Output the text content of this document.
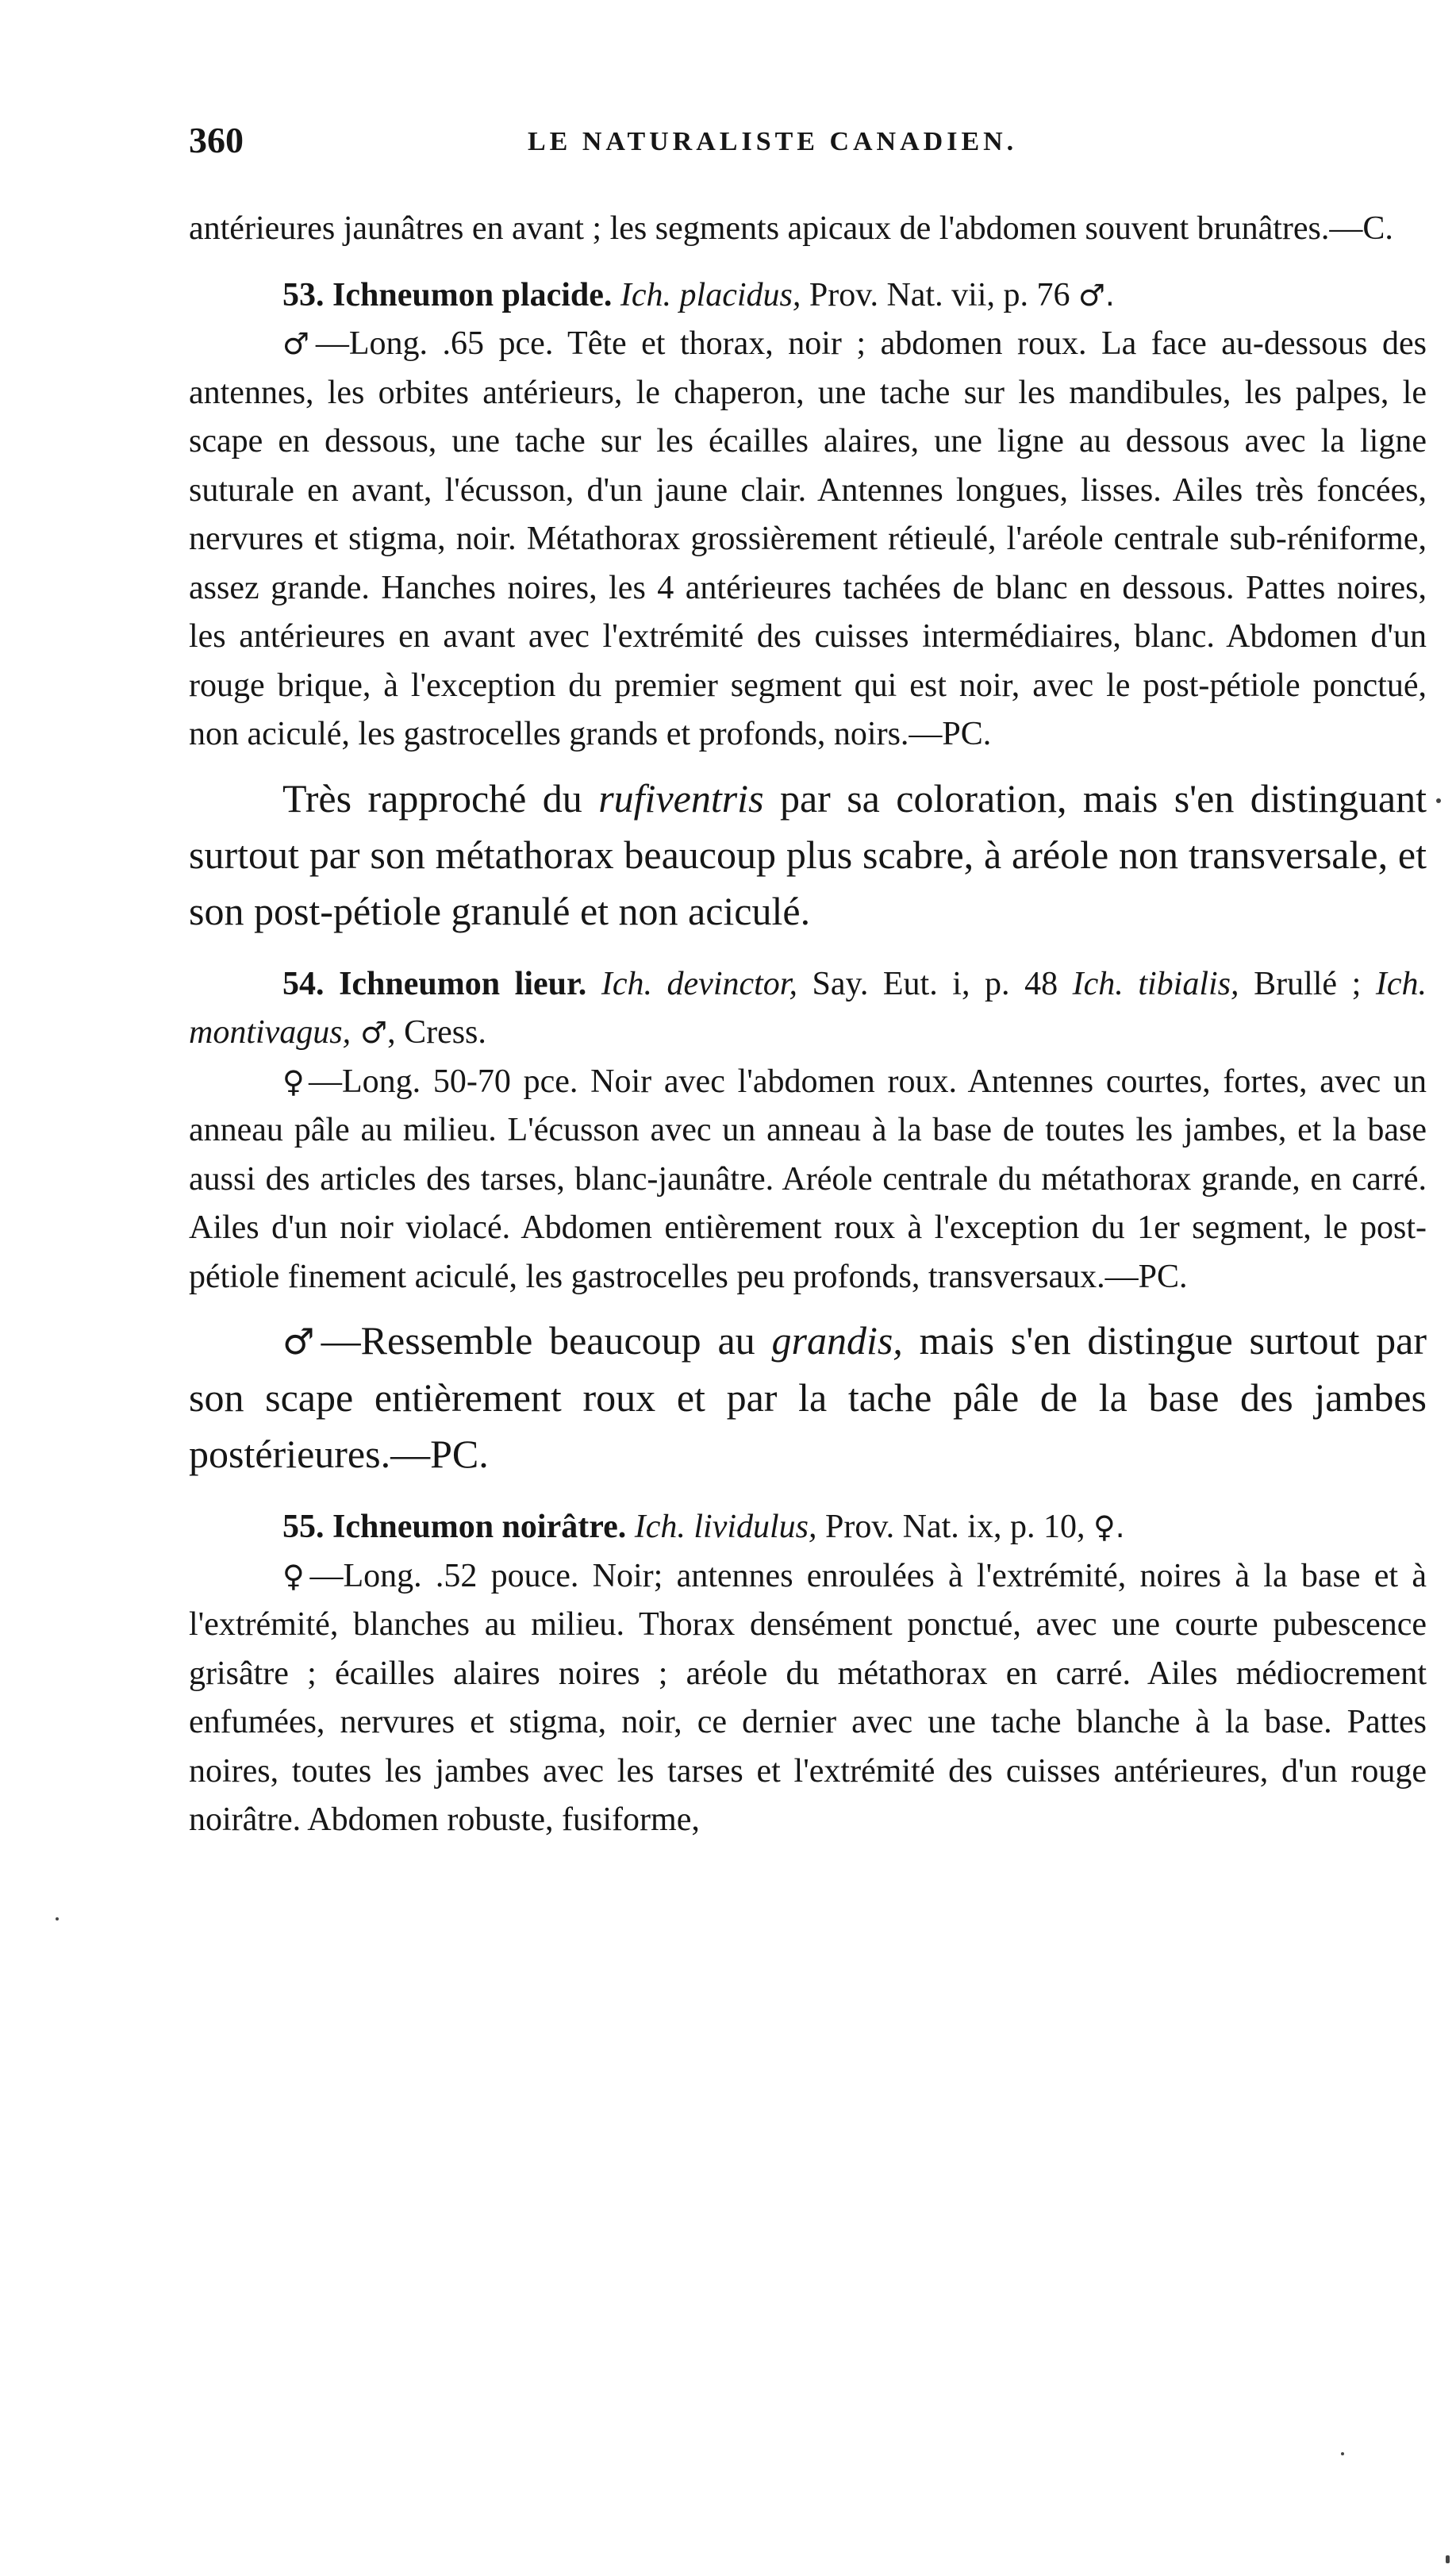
360	LE NATURALISTE CANADIEN.

antérieures jaunâtres en avant ; les segments apicaux de l'abdomen souvent brunâtres.—C.

53. Ichneumon placide. Ich. placidus, Prov. Nat. vii, p. 76 ♂.

♂—Long. .65 pce. Tête et thorax, noir ; abdomen roux. La face au-dessous des antennes, les orbites antérieurs, le chaperon, une tache sur les mandibules, les palpes, le scape en dessous, une tache sur les écailles alaires, une ligne au dessous avec la ligne suturale en avant, l'écusson, d'un jaune clair. Antennes longues, lisses. Ailes très foncées, nervures et stigma, noir. Métathorax grossièrement rétieulé, l'aréole centrale sub-réniforme, assez grande. Hanches noires, les 4 antérieures tachées de blanc en dessous. Pattes noires, les antérieures en avant avec l'extrémité des cuisses intermédiaires, blanc. Abdomen d'un rouge brique, à l'exception du premier segment qui est noir, avec le post-pétiole ponctué, non aciculé, les gastrocelles grands et profonds, noirs.—PC.

Très rapproché du rufiventris par sa coloration, mais s'en distinguant surtout par son métathorax beaucoup plus scabre, à aréole non transversale, et son post-pétiole granulé et non aciculé.

54. Ichneumon lieur. Ich. devinctor, Say. Eut. i, p. 48 Ich. tibialis, Brullé ; Ich. montivagus, ♂, Cress.

♀—Long. 50-70 pce. Noir avec l'abdomen roux. Antennes courtes, fortes, avec un anneau pâle au milieu. L'écusson avec un anneau à la base de toutes les jambes, et la base aussi des articles des tarses, blanc-jaunâtre. Aréole centrale du métathorax grande, en carré. Ailes d'un noir violacé. Abdomen entièrement roux à l'exception du 1er segment, le post-pétiole finement aciculé, les gastrocelles peu profonds, transversaux.—PC.

♂—Ressemble beaucoup au grandis, mais s'en distingue surtout par son scape entièrement roux et par la tache pâle de la base des jambes postérieures.—PC.

55. Ichneumon noirâtre. Ich. lividulus, Prov. Nat. ix, p. 10, ♀.

♀—Long. .52 pouce. Noir; antennes enroulées à l'extrémité, noires à la base et à l'extrémité, blanches au milieu. Thorax densément ponctué, avec une courte pubescence grisâtre ; écailles alaires noires ; aréole du métathorax en carré. Ailes médiocrement enfumées, nervures et stigma, noir, ce dernier avec une tache blanche à la base. Pattes noires, toutes les jambes avec les tarses et l'extrémité des cuisses antérieures, d'un rouge noirâtre. Abdomen robuste, fusiforme,
